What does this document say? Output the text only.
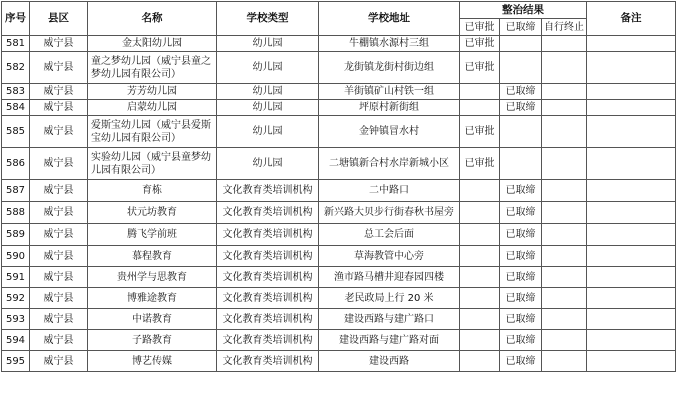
序号	县区	名称	学校类型	学校地址	整治结果			备注
					已审批	已取缔	自行终止	
581	威宁县	金太阳幼儿园	幼儿园	牛棚镇水源村三组	已审批			
582	威宁县	童之梦幼儿园（威宁县童之梦幼儿园有限公司）	幼儿园	龙街镇龙街村街边组	已审批			
583	威宁县	芳芳幼儿园	幼儿园	羊街镇矿山村铁一组		已取缔		
584	威宁县	启蒙幼儿园	幼儿园	坪原村新街组		已取缔		
585	威宁县	爱斯宝幼儿园（威宁县爱斯宝幼儿园有限公司）	幼儿园	金钟镇冒水村	已审批			
586	威宁县	实验幼儿园（威宁县童梦幼儿园有限公司）	幼儿园	二塘镇新合村水岸新城小区	已审批			
587	威宁县	育栋	文化教育类培训机构	二中路口		已取缔		
588	威宁县	状元坊教育	文化教育类培训机构	新兴路大贝步行街春秋书屋旁		已取缔		
589	威宁县	腾飞学前班	文化教育类培训机构	总工会后面		已取缔		
590	威宁县	慕程教育	文化教育类培训机构	草海教管中心旁		已取缔		
591	威宁县	贵州学与思教育	文化教育类培训机构	渔市路马槽井迎春园四楼		已取缔		
592	威宁县	博雅途教育	文化教育类培训机构	老民政局上行 20 米		已取缔		
593	威宁县	中诺教育	文化教育类培训机构	建设西路与建广路口		已取缔		
594	威宁县	子路教育	文化教育类培训机构	建设西路与建广路对面		已取缔		
595	威宁县	博艺传媒	文化教育类培训机构	建设西路		已取缔		
